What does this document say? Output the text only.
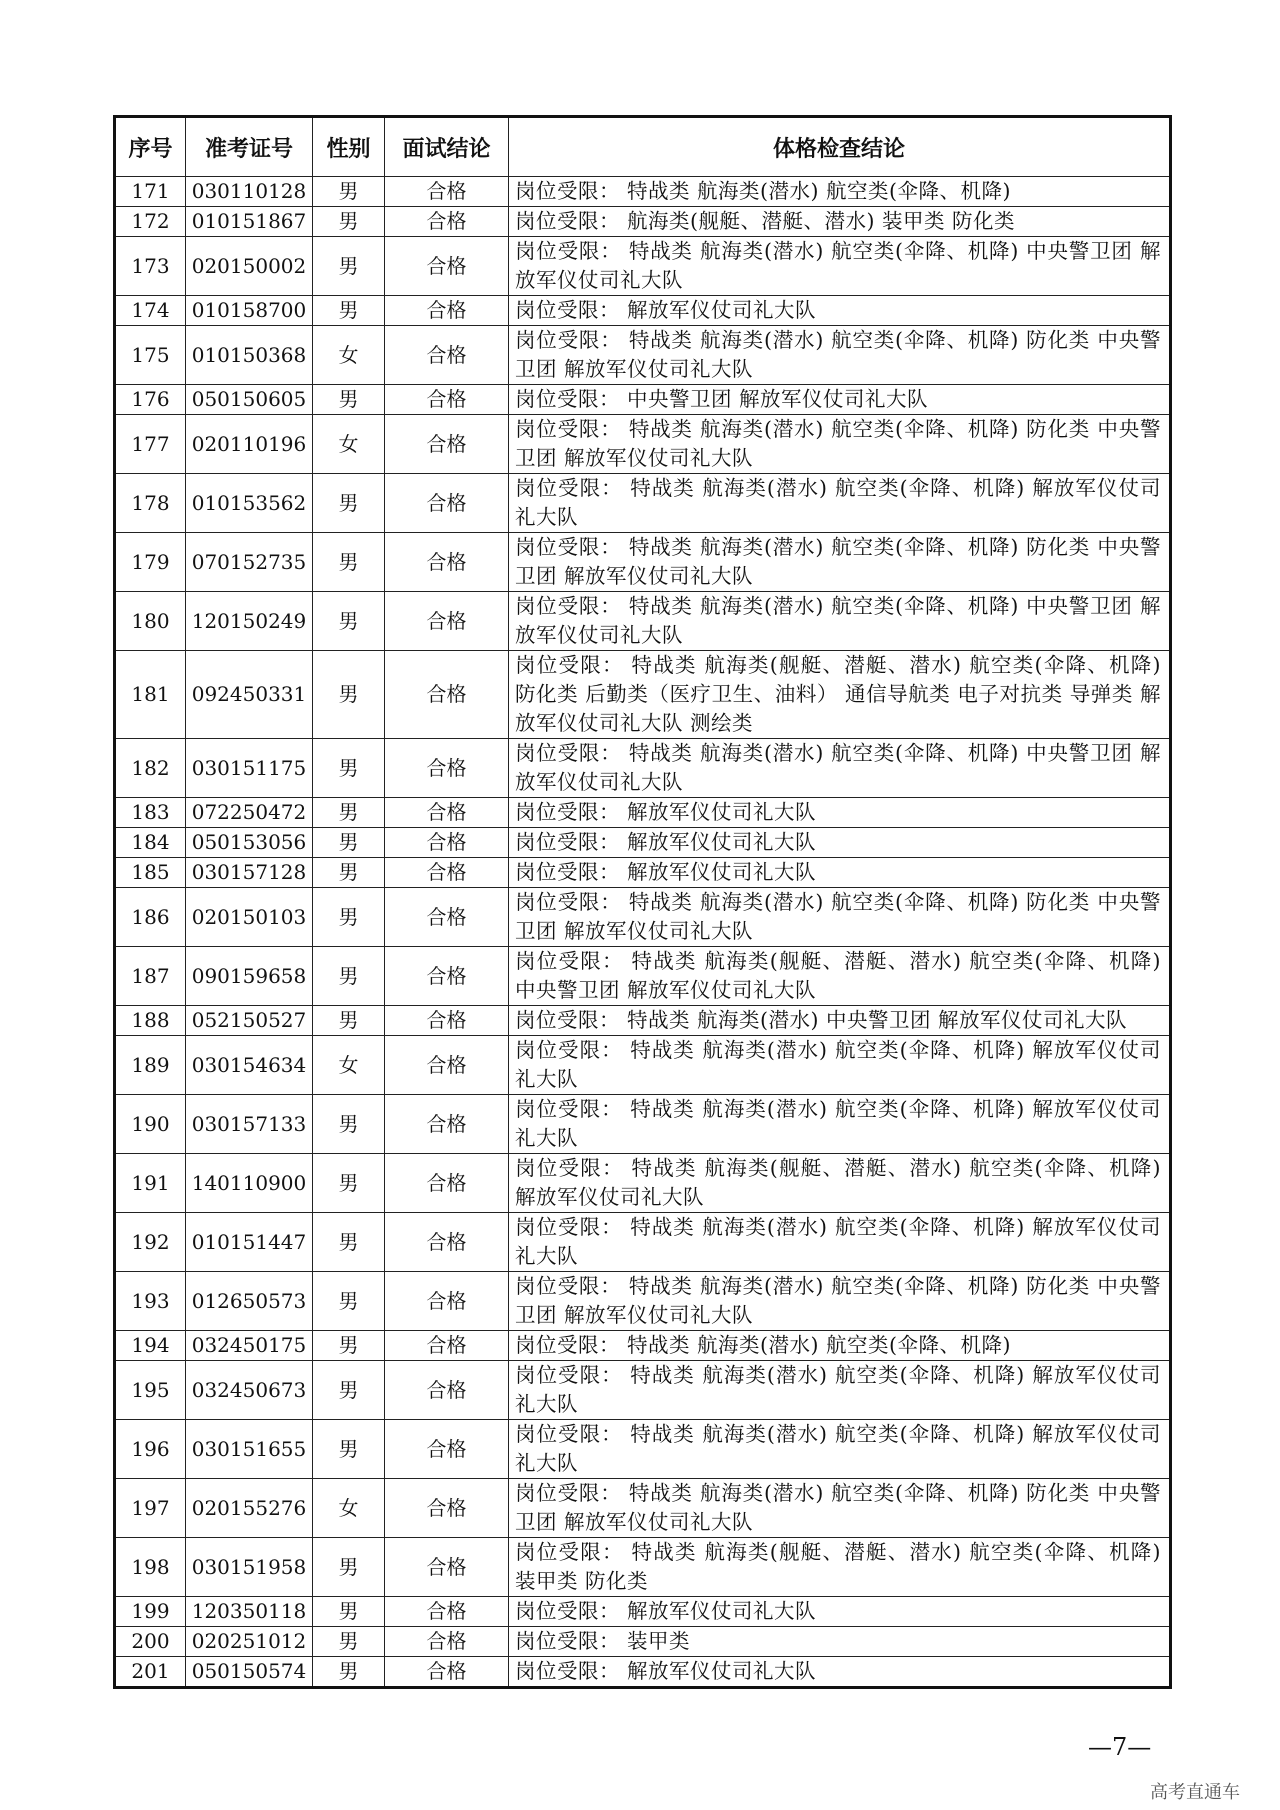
序号	准考证号	性别	面试结论	体格检查结论
171	030110128	男	合格	岗位受限： 特战类 航海类(潜水) 航空类(伞降、机降)
172	010151867	男	合格	岗位受限： 航海类(舰艇、潜艇、潜水) 装甲类 防化类
173	020150002	男	合格	岗位受限： 特战类 航海类(潜水) 航空类(伞降、机降) 中央警卫团 解放军仪仗司礼大队
174	010158700	男	合格	岗位受限： 解放军仪仗司礼大队
175	010150368	女	合格	岗位受限： 特战类 航海类(潜水) 航空类(伞降、机降) 防化类 中央警卫团 解放军仪仗司礼大队
176	050150605	男	合格	岗位受限： 中央警卫团 解放军仪仗司礼大队
177	020110196	女	合格	岗位受限： 特战类 航海类(潜水) 航空类(伞降、机降) 防化类 中央警卫团 解放军仪仗司礼大队
178	010153562	男	合格	岗位受限： 特战类 航海类(潜水) 航空类(伞降、机降) 解放军仪仗司礼大队
179	070152735	男	合格	岗位受限： 特战类 航海类(潜水) 航空类(伞降、机降) 防化类 中央警卫团 解放军仪仗司礼大队
180	120150249	男	合格	岗位受限： 特战类 航海类(潜水) 航空类(伞降、机降) 中央警卫团 解放军仪仗司礼大队
181	092450331	男	合格	岗位受限： 特战类 航海类(舰艇、潜艇、潜水) 航空类(伞降、机降) 防化类 后勤类（医疗卫生、油料） 通信导航类 电子对抗类 导弹类 解放军仪仗司礼大队 测绘类
182	030151175	男	合格	岗位受限： 特战类 航海类(潜水) 航空类(伞降、机降) 中央警卫团 解放军仪仗司礼大队
183	072250472	男	合格	岗位受限： 解放军仪仗司礼大队
184	050153056	男	合格	岗位受限： 解放军仪仗司礼大队
185	030157128	男	合格	岗位受限： 解放军仪仗司礼大队
186	020150103	男	合格	岗位受限： 特战类 航海类(潜水) 航空类(伞降、机降) 防化类 中央警卫团 解放军仪仗司礼大队
187	090159658	男	合格	岗位受限： 特战类 航海类(舰艇、潜艇、潜水) 航空类(伞降、机降) 中央警卫团 解放军仪仗司礼大队
188	052150527	男	合格	岗位受限： 特战类 航海类(潜水) 中央警卫团 解放军仪仗司礼大队
189	030154634	女	合格	岗位受限： 特战类 航海类(潜水) 航空类(伞降、机降) 解放军仪仗司礼大队
190	030157133	男	合格	岗位受限： 特战类 航海类(潜水) 航空类(伞降、机降) 解放军仪仗司礼大队
191	140110900	男	合格	岗位受限： 特战类 航海类(舰艇、潜艇、潜水) 航空类(伞降、机降) 解放军仪仗司礼大队
192	010151447	男	合格	岗位受限： 特战类 航海类(潜水) 航空类(伞降、机降) 解放军仪仗司礼大队
193	012650573	男	合格	岗位受限： 特战类 航海类(潜水) 航空类(伞降、机降) 防化类 中央警卫团 解放军仪仗司礼大队
194	032450175	男	合格	岗位受限： 特战类 航海类(潜水) 航空类(伞降、机降)
195	032450673	男	合格	岗位受限： 特战类 航海类(潜水) 航空类(伞降、机降) 解放军仪仗司礼大队
196	030151655	男	合格	岗位受限： 特战类 航海类(潜水) 航空类(伞降、机降) 解放军仪仗司礼大队
197	020155276	女	合格	岗位受限： 特战类 航海类(潜水) 航空类(伞降、机降) 防化类 中央警卫团 解放军仪仗司礼大队
198	030151958	男	合格	岗位受限： 特战类 航海类(舰艇、潜艇、潜水) 航空类(伞降、机降) 装甲类 防化类
199	120350118	男	合格	岗位受限： 解放军仪仗司礼大队
200	020251012	男	合格	岗位受限： 装甲类
201	050150574	男	合格	岗位受限： 解放军仪仗司礼大队
—7—
高考直通车
